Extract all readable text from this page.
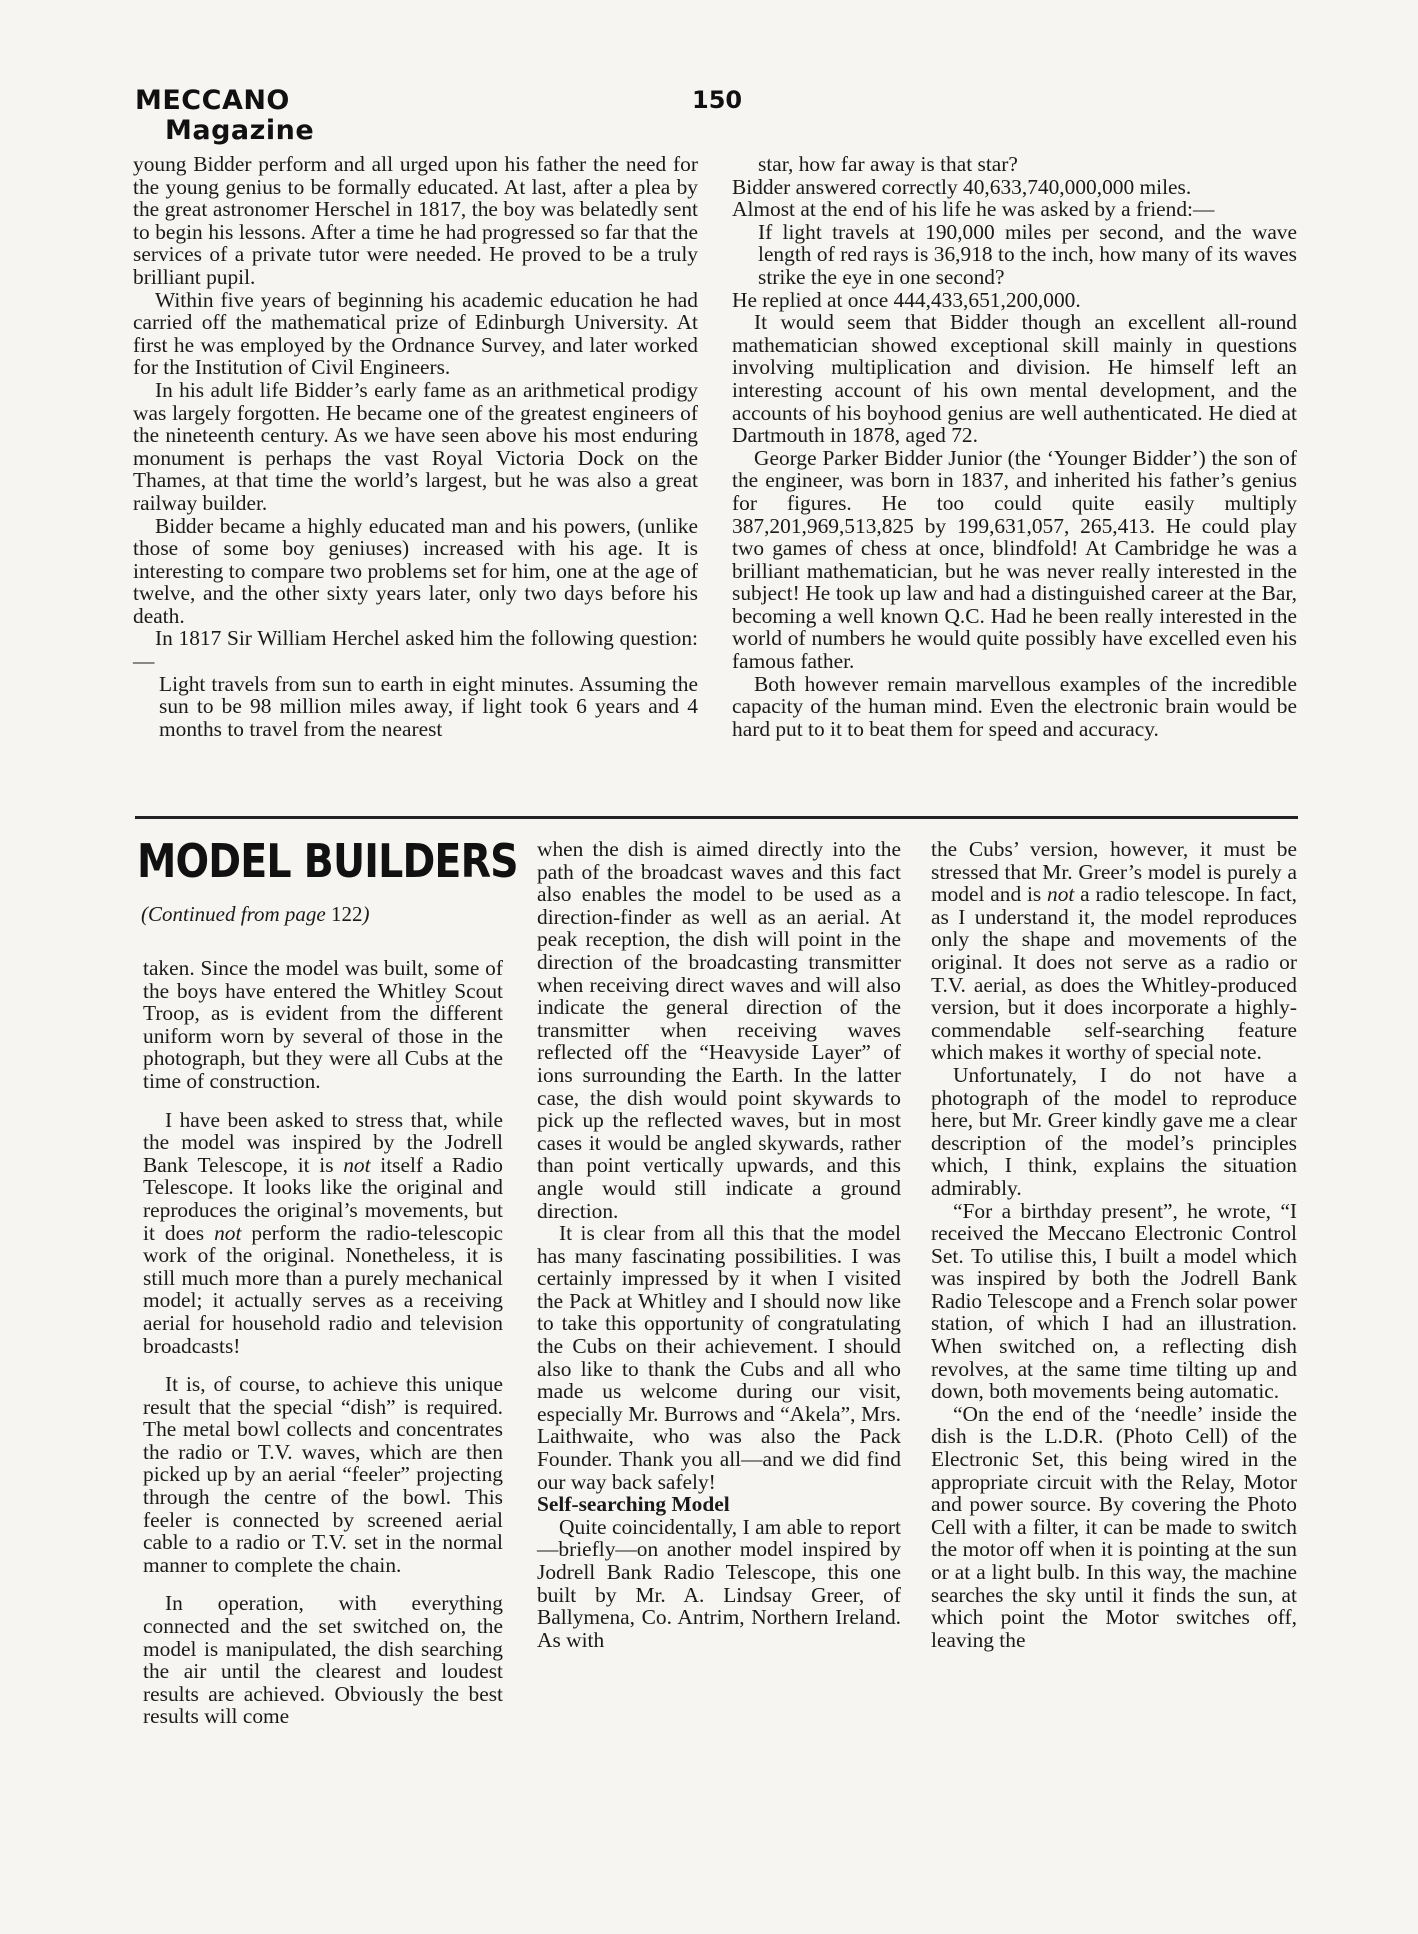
MECCANO
Magazine
150

young Bidder perform and all urged upon his father the need for the young genius to be formally educated. At last, after a plea by the great astronomer Herschel in 1817, the boy was belatedly sent to begin his lessons. After a time he had progressed so far that the services of a private tutor were needed. He proved to be a truly brilliant pupil.

Within five years of beginning his academic education he had carried off the mathematical prize of Edinburgh University. At first he was employed by the Ordnance Survey, and later worked for the Institution of Civil Engineers.

In his adult life Bidder’s early fame as an arithmetical prodigy was largely forgotten. He became one of the greatest engineers of the nineteenth century. As we have seen above his most enduring monument is perhaps the vast Royal Victoria Dock on the Thames, at that time the world’s largest, but he was also a great railway builder.

Bidder became a highly educated man and his powers, (unlike those of some boy geniuses) increased with his age. It is interesting to compare two problems set for him, one at the age of twelve, and the other sixty years later, only two days before his death.

In 1817 Sir William Herchel asked him the following question:—

Light travels from sun to earth in eight minutes. Assuming the sun to be 98 million miles away, if light took 6 years and 4 months to travel from the nearest

star, how far away is that star?

Bidder answered correctly 40,633,740,000,000 miles.

Almost at the end of his life he was asked by a friend:—

If light travels at 190,000 miles per second, and the wave length of red rays is 36,918 to the inch, how many of its waves strike the eye in one second?

He replied at once 444,433,651,200,000.

It would seem that Bidder though an excellent all-round mathematician showed exceptional skill mainly in questions involving multiplication and division. He himself left an interesting account of his own mental development, and the accounts of his boyhood genius are well authenticated. He died at Dartmouth in 1878, aged 72.

George Parker Bidder Junior (the ‘Younger Bidder’) the son of the engineer, was born in 1837, and inherited his father’s genius for figures. He too could quite easily multiply 387,201,969,513,825 by 199,631,057, 265,413. He could play two games of chess at once, blindfold! At Cambridge he was a brilliant mathematician, but he was never really interested in the subject! He took up law and had a distinguished career at the Bar, becoming a well known Q.C. Had he been really interested in the world of numbers he would quite possibly have excelled even his famous father.

Both however remain marvellous examples of the incredible capacity of the human mind. Even the electronic brain would be hard put to it to beat them for speed and accuracy.

MODEL BUILDERS
(Continued from page 122)

taken. Since the model was built, some of the boys have entered the Whitley Scout Troop, as is evident from the different uniform worn by several of those in the photograph, but they were all Cubs at the time of construction.

I have been asked to stress that, while the model was inspired by the Jodrell Bank Telescope, it is not itself a Radio Telescope. It looks like the original and reproduces the original’s movements, but it does not perform the radio-telescopic work of the original. Nonetheless, it is still much more than a purely mechanical model; it actually serves as a receiving aerial for household radio and television broadcasts!

It is, of course, to achieve this unique result that the special “dish” is required. The metal bowl collects and concentrates the radio or T.V. waves, which are then picked up by an aerial “feeler” projecting through the centre of the bowl. This feeler is connected by screened aerial cable to a radio or T.V. set in the normal manner to complete the chain.

In operation, with everything connected and the set switched on, the model is manipulated, the dish searching the air until the clearest and loudest results are achieved. Obviously the best results will come

when the dish is aimed directly into the path of the broadcast waves and this fact also enables the model to be used as a direction-finder as well as an aerial. At peak reception, the dish will point in the direction of the broadcasting transmitter when receiving direct waves and will also indicate the general direction of the transmitter when receiving waves reflected off the “Heavyside Layer” of ions surrounding the Earth. In the latter case, the dish would point skywards to pick up the reflected waves, but in most cases it would be angled skywards, rather than point vertically upwards, and this angle would still indicate a ground direction.

It is clear from all this that the model has many fascinating possibilities. I was certainly impressed by it when I visited the Pack at Whitley and I should now like to take this opportunity of congratulating the Cubs on their achievement. I should also like to thank the Cubs and all who made us welcome during our visit, especially Mr. Burrows and “Akela”, Mrs. Laithwaite, who was also the Pack Founder. Thank you all—and we did find our way back safely!

Self-searching Model

Quite coincidentally, I am able to report—briefly—on another model inspired by Jodrell Bank Radio Telescope, this one built by Mr. A. Lindsay Greer, of Ballymena, Co. Antrim, Northern Ireland. As with

the Cubs’ version, however, it must be stressed that Mr. Greer’s model is purely a model and is not a radio telescope. In fact, as I understand it, the model reproduces only the shape and movements of the original. It does not serve as a radio or T.V. aerial, as does the Whitley-produced version, but it does incorporate a highly-commendable self-searching feature which makes it worthy of special note.

Unfortunately, I do not have a photograph of the model to reproduce here, but Mr. Greer kindly gave me a clear description of the model’s principles which, I think, explains the situation admirably.

“For a birthday present”, he wrote, “I received the Meccano Electronic Control Set. To utilise this, I built a model which was inspired by both the Jodrell Bank Radio Telescope and a French solar power station, of which I had an illustration. When switched on, a reflecting dish revolves, at the same time tilting up and down, both movements being automatic.

“On the end of the ‘needle’ inside the dish is the L.D.R. (Photo Cell) of the Electronic Set, this being wired in the appropriate circuit with the Relay, Motor and power source. By covering the Photo Cell with a filter, it can be made to switch the motor off when it is pointing at the sun or at a light bulb. In this way, the machine searches the sky until it finds the sun, at which point the Motor switches off, leaving the
